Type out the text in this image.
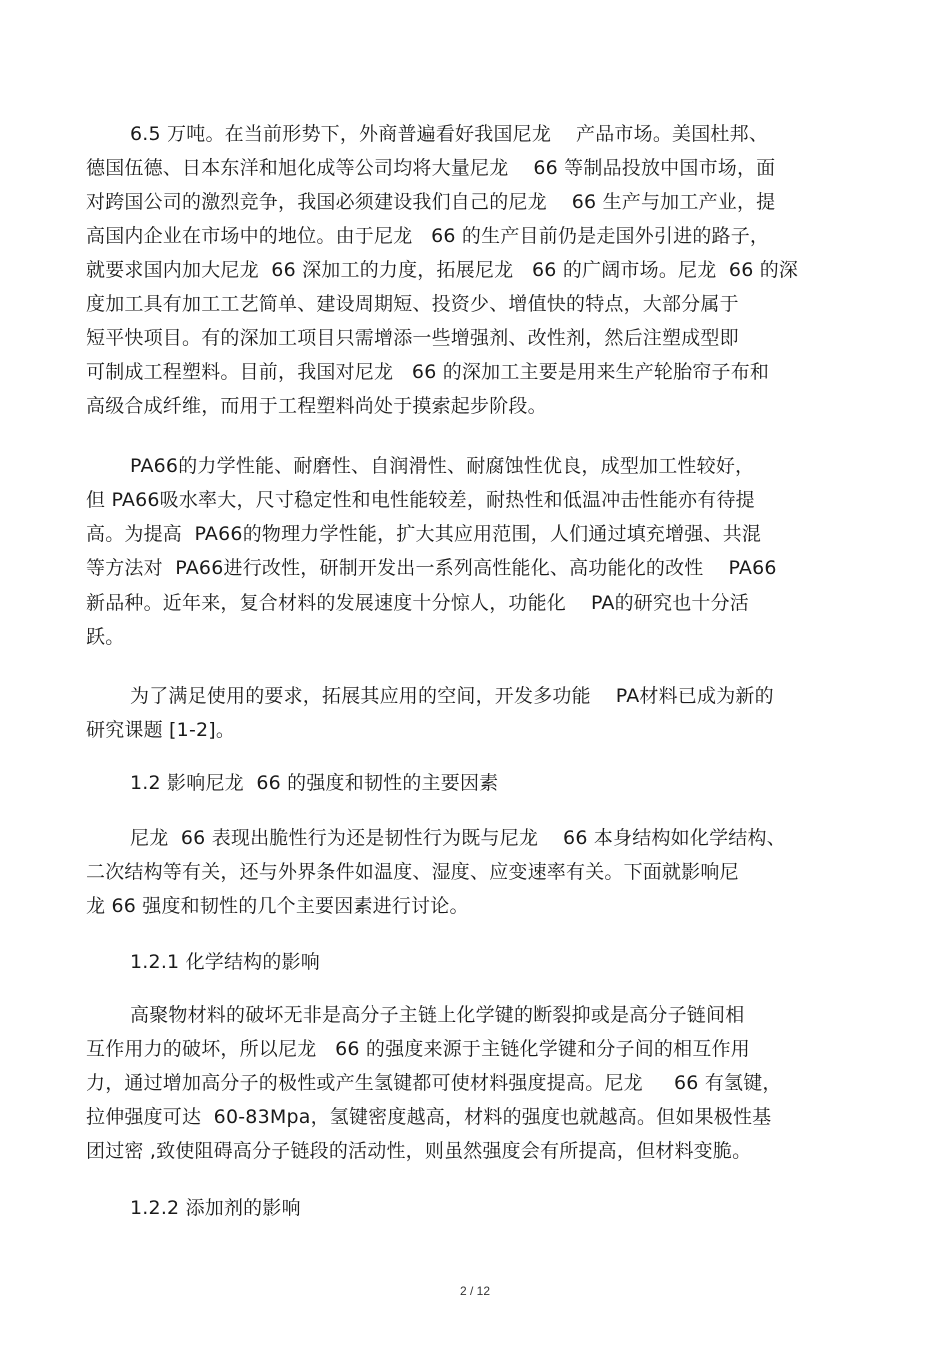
6.5 万吨。在当前形势下，外商普遍看好我国尼龙    产品市场。美国杜邦、
德国伍德、日本东洋和旭化成等公司均将大量尼龙    66 等制品投放中国市场，面
对跨国公司的激烈竞争，我国必须建设我们自己的尼龙    66 生产与加工产业，提
高国内企业在市场中的地位。由于尼龙   66 的生产目前仍是走国外引进的路子，
就要求国内加大尼龙  66 深加工的力度，拓展尼龙   66 的广阔市场。尼龙  66 的深
度加工具有加工工艺简单、建设周期短、投资少、增值快的特点，大部分属于
短平快项目。有的深加工项目只需增添一些增强剂、改性剂，然后注塑成型即
可制成工程塑料。目前，我国对尼龙   66 的深加工主要是用来生产轮胎帘子布和
高级合成纤维，而用于工程塑料尚处于摸索起步阶段。
PA66的力学性能、耐磨性、自润滑性、耐腐蚀性优良，成型加工性较好，
但 PA66吸水率大，尺寸稳定性和电性能较差，耐热性和低温冲击性能亦有待提
高。为提高  PA66的物理力学性能，扩大其应用范围，人们通过填充增强、共混
等方法对  PA66进行改性，研制开发出一系列高性能化、高功能化的改性    PA66
新品种。近年来，复合材料的发展速度十分惊人，功能化    PA的研究也十分活
跃。
为了满足使用的要求，拓展其应用的空间，开发多功能    PA材料已成为新的
研究课题 [1-2]。
1.2 影响尼龙  66 的强度和韧性的主要因素
尼龙  66 表现出脆性行为还是韧性行为既与尼龙    66 本身结构如化学结构、
二次结构等有关，还与外界条件如温度、湿度、应变速率有关。下面就影响尼
龙 66 强度和韧性的几个主要因素进行讨论。
1.2.1 化学结构的影响
高聚物材料的破坏无非是高分子主链上化学键的断裂抑或是高分子链间相
互作用力的破坏，所以尼龙   66 的强度来源于主链化学键和分子间的相互作用
力，通过增加高分子的极性或产生氢键都可使材料强度提高。尼龙     66 有氢键，
拉伸强度可达  60-83Mpa，氢键密度越高，材料的强度也就越高。但如果极性基
团过密 ,致使阻碍高分子链段的活动性，则虽然强度会有所提高，但材料变脆。
1.2.2 添加剂的影响
2 / 12
